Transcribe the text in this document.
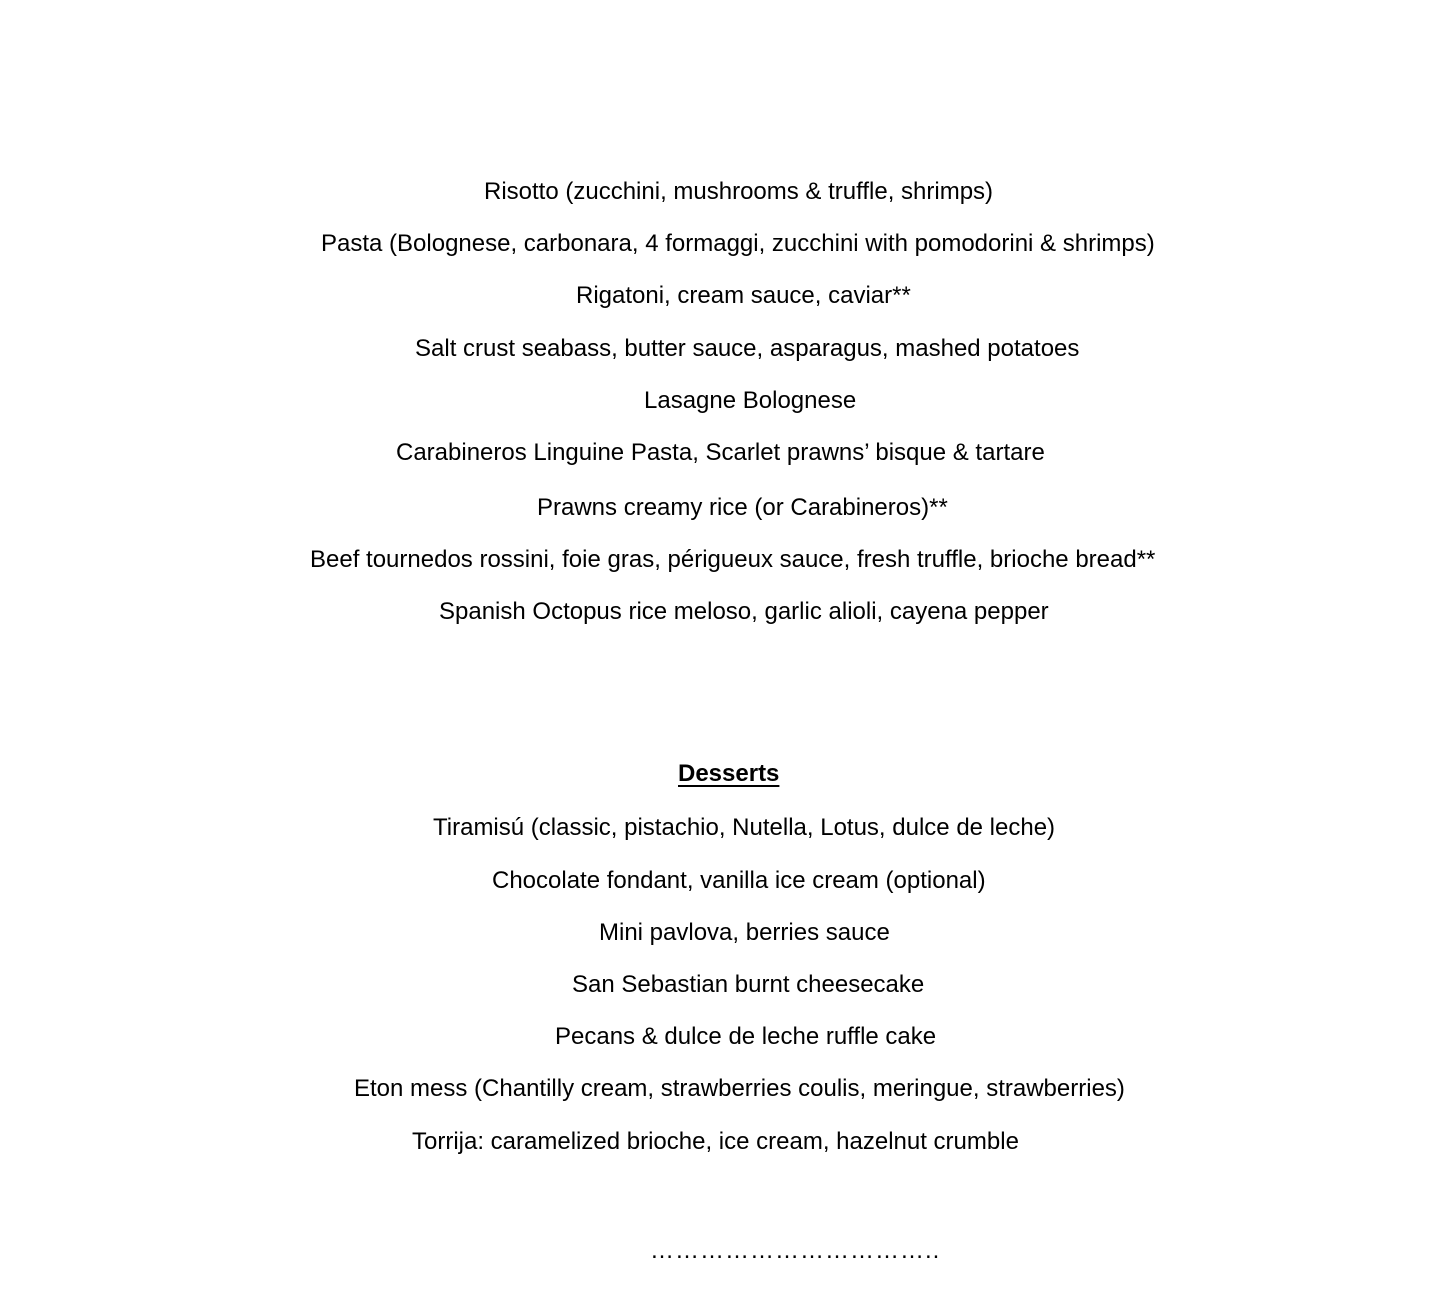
Risotto (zucchini, mushrooms & truffle, shrimps)
Pasta (Bolognese, carbonara, 4 formaggi, zucchini with pomodorini & shrimps)
Rigatoni, cream sauce, caviar**
Salt crust seabass, butter sauce, asparagus, mashed potatoes
Lasagne Bolognese
Carabineros Linguine Pasta, Scarlet prawns’ bisque & tartare
Prawns creamy rice (or Carabineros)**
Beef tournedos rossini, foie gras, périgueux sauce, fresh truffle, brioche bread**
Spanish Octopus rice meloso, garlic alioli, cayena pepper
Desserts
Tiramisú (classic, pistachio, Nutella, Lotus, dulce de leche)
Chocolate fondant, vanilla ice cream (optional)
Mini pavlova, berries sauce
San Sebastian burnt cheesecake
Pecans & dulce de leche ruffle cake
Eton mess (Chantilly cream, strawberries coulis, meringue, strawberries)
Torrija: caramelized brioche, ice cream, hazelnut crumble
……………………………..
